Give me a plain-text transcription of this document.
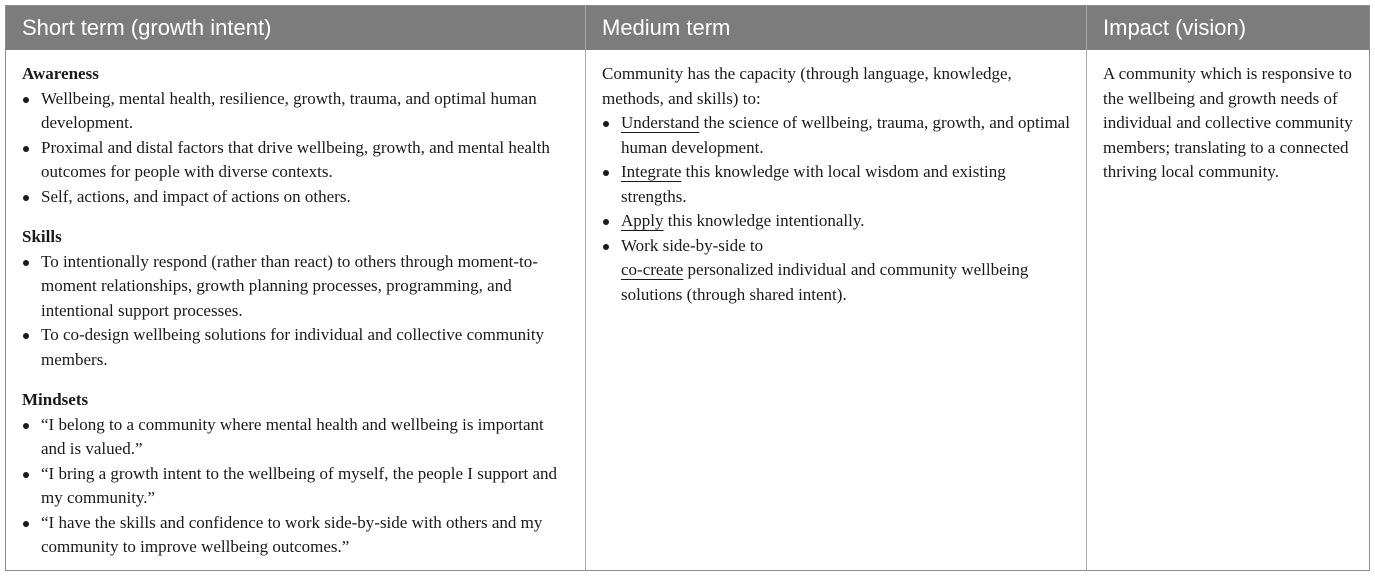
Short term (growth intent)	Medium term	Impact (vision)

Awareness

Wellbeing, mental health, resilience, growth, trauma, and optimal human development.
Proximal and distal factors that drive wellbeing, growth, and mental health outcomes for people with diverse contexts.
Self, actions, and impact of actions on others.

Skills

To intentionally respond (rather than react) to others through moment-to-moment relationships, growth planning processes, programming, and intentional support processes.
To co-design wellbeing solutions for individual and collective community members.

Mindsets

“I belong to a community where mental health and wellbeing is important and is valued.”
“I bring a growth intent to the wellbeing of myself, the people I support and my community.”
“I have the skills and confidence to work side-by-side with others and my community to improve wellbeing outcomes.”

Community has the capacity (through language, knowledge, methods, and skills) to:

Understand the science of wellbeing, trauma, growth, and optimal human development.
Integrate this knowledge with local wisdom and existing strengths.
Apply this knowledge intentionally.
Work side-by-side to
co-create personalized individual and community wellbeing solutions (through shared intent).

A community which is responsive to the wellbeing and growth needs of individual and collective community members; translating to a connected thriving local community.
